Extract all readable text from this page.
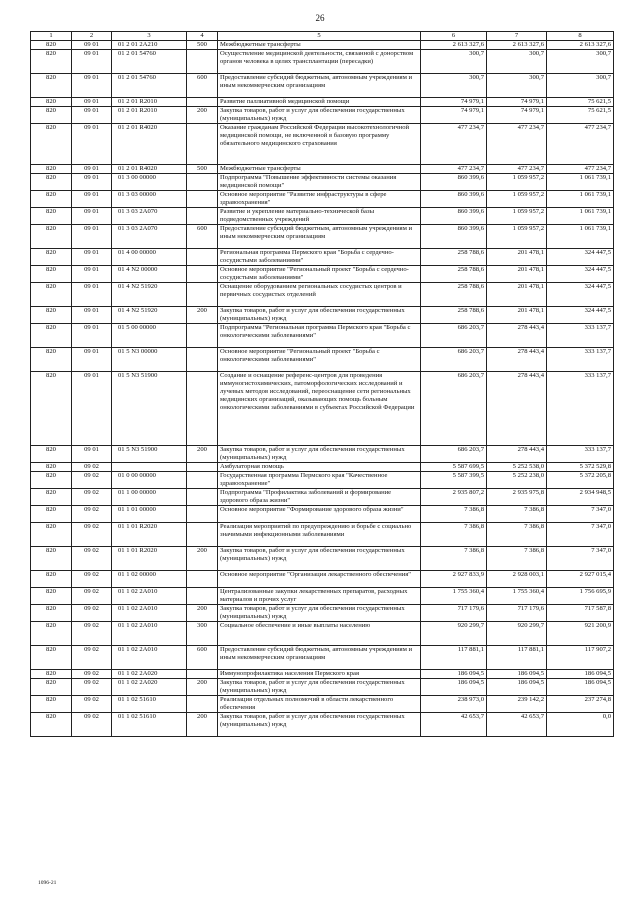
26
1	2	3	4	5	6	7	8
820	09 01	01 2 01 2A210	500	Межбюджетные трансферты	2 613 327,6	2 613 327,6	2 613 327,6
820	09 01	01 2 01 54760		Осуществление медицинской деятельности, связанной с донорством органов человека в целях трансплантации (пересадки)	300,7	300,7	300,7
820	09 01	01 2 01 54760	600	Предоставление субсидий бюджетным, автономным учреждениям и иным некоммерческим организациям	300,7	300,7	300,7
820	09 01	01 2 01 R2010		Развитие паллиативной медицинской помощи	74 979,1	74 979,1	75 621,5
820	09 01	01 2 01 R2010	200	Закупка товаров, работ и услуг для обеспечения государственных (муниципальных) нужд	74 979,1	74 979,1	75 621,5
820	09 01	01 2 01 R4020		Оказание гражданам Российской Федерации высокотехнологичной медицинской помощи, не включенной в базовую программу обязательного медицинского страхования	477 234,7	477 234,7	477 234,7
820	09 01	01 2 01 R4020	500	Межбюджетные трансферты	477 234,7	477 234,7	477 234,7
820	09 01	01 3 00 00000		Подпрограмма "Повышение эффективности системы оказания медицинской помощи"	860 399,6	1 059 957,2	1 061 739,1
820	09 01	01 3 03 00000		Основное мероприятие "Развитие инфраструктуры в сфере здравоохранения"	860 399,6	1 059 957,2	1 061 739,1
820	09 01	01 3 03 2A070		Развитие и укрепление материально-технической базы подведомственных учреждений	860 399,6	1 059 957,2	1 061 739,1
820	09 01	01 3 03 2A070	600	Предоставление субсидий бюджетным, автономным учреждениям и иным некоммерческим организациям	860 399,6	1 059 957,2	1 061 739,1
820	09 01	01 4 00 00000		Региональная программа Пермского края "Борьба с сердечно-сосудистыми заболеваниями"	258 788,6	201 478,1	324 447,5
820	09 01	01 4 N2 00000		Основное мероприятие "Региональный проект "Борьба с сердечно-сосудистыми заболеваниями"	258 788,6	201 478,1	324 447,5
820	09 01	01 4 N2 51920		Оснащение оборудованием региональных сосудистых центров и первичных сосудистых отделений	258 788,6	201 478,1	324 447,5
820	09 01	01 4 N2 51920	200	Закупка товаров, работ и услуг для обеспечения государственных (муниципальных) нужд	258 788,6	201 478,1	324 447,5
820	09 01	01 5 00 00000		Подпрограмма "Региональная программа Пермского края "Борьба с онкологическими заболеваниями"	686 203,7	278 443,4	333 137,7
820	09 01	01 5 N3 00000		Основное мероприятие "Региональный проект "Борьба с онкологическими заболеваниями"	686 203,7	278 443,4	333 137,7
820	09 01	01 5 N3 51900		Создание и оснащение референс-центров для проведения иммуногистохимических, патоморфологических исследований и лучевых методов исследований, переоснащение сети региональных медицинских организаций, оказывающих помощь больным онкологическими заболеваниями в субъектах Российской Федерации	686 203,7	278 443,4	333 137,7
820	09 01	01 5 N3 51900	200	Закупка товаров, работ и услуг для обеспечения государственных (муниципальных) нужд	686 203,7	278 443,4	333 137,7
820	09 02			Амбулаторная помощь	5 587 699,5	5 252 538,0	5 372 529,8
820	09 02	01 0 00 00000		Государственная программа Пермского края "Качественное здравоохранение"	5 587 399,5	5 252 238,0	5 372 205,8
820	09 02	01 1 00 00000		Подпрограмма "Профилактика заболеваний и формирование здорового образа жизни"	2 935 807,2	2 935 975,8	2 934 948,5
820	09 02	01 1 01 00000		Основное мероприятие "Формирование здорового образа жизни"	7 386,8	7 386,8	7 347,0
820	09 02	01 1 01 R2020		Реализация мероприятий по предупреждению и борьбе с социально значимыми инфекционными заболеваниями	7 386,8	7 386,8	7 347,0
820	09 02	01 1 01 R2020	200	Закупка товаров, работ и услуг для обеспечения государственных (муниципальных) нужд	7 386,8	7 386,8	7 347,0
820	09 02	01 1 02 00000		Основное мероприятие "Организация лекарственного обеспечения"	2 927 833,9	2 928 003,1	2 927 015,4
820	09 02	01 1 02 2A010		Централизованные закупки лекарственных препаратов, расходных материалов и прочих услуг	1 755 360,4	1 755 360,4	1 756 695,9
820	09 02	01 1 02 2A010	200	Закупка товаров, работ и услуг для обеспечения государственных (муниципальных) нужд	717 179,6	717 179,6	717 587,8
820	09 02	01 1 02 2A010	300	Социальное обеспечение и иные выплаты населению	920 299,7	920 299,7	921 200,9
820	09 02	01 1 02 2A010	600	Предоставление субсидий бюджетным, автономным учреждениям и иным некоммерческим организациям	117 881,1	117 881,1	117 907,2
820	09 02	01 1 02 2A020		Иммунопрофилактика населения Пермского края	186 094,5	186 094,5	186 094,5
820	09 02	01 1 02 2A020	200	Закупка товаров, работ и услуг для обеспечения государственных (муниципальных) нужд	186 094,5	186 094,5	186 094,5
820	09 02	01 1 02 51610		Реализация отдельных полномочий в области лекарственного обеспечения	238 973,0	239 142,2	237 274,8
820	09 02	01 1 02 51610	200	Закупка товаров, работ и услуг для обеспечения государственных (муниципальных) нужд	42 653,7	42 653,7	0,0
1096-21
